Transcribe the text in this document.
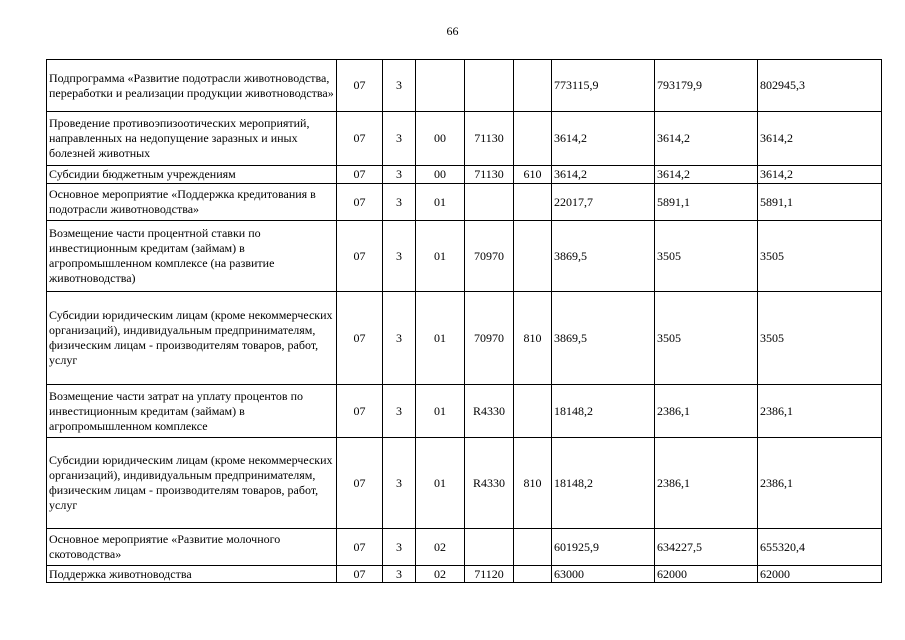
66
Подпрограмма «Развитие подотрасли животноводства, переработки и реализации продукции животноводства»	07	3				773115,9	793179,9	802945,3
Проведение противоэпизоотических мероприятий, направленных на недопущение заразных и иных болезней животных	07	3	00	71130		3614,2	3614,2	3614,2
Субсидии бюджетным учреждениям	07	3	00	71130	610	3614,2	3614,2	3614,2
Основное мероприятие «Поддержка кредитования в подотрасли животноводства»	07	3	01			22017,7	5891,1	5891,1
Возмещение части процентной ставки по инвестиционным кредитам (займам) в агропромышленном комплексе (на развитие животноводства)	07	3	01	70970		3869,5	3505	3505
Субсидии юридическим лицам (кроме некоммерческих организаций), индивидуальным предпринимателям, физическим лицам - производителям товаров, работ, услуг	07	3	01	70970	810	3869,5	3505	3505
Возмещение части затрат на уплату процентов по инвестиционным кредитам (займам) в агропромышленном комплексе	07	3	01	R4330		18148,2	2386,1	2386,1
Субсидии юридическим лицам (кроме некоммерческих организаций), индивидуальным предпринимателям, физическим лицам - производителям товаров, работ, услуг	07	3	01	R4330	810	18148,2	2386,1	2386,1
Основное мероприятие «Развитие молочного скотоводства»	07	3	02			601925,9	634227,5	655320,4
Поддержка животноводства	07	3	02	71120		63000	62000	62000
